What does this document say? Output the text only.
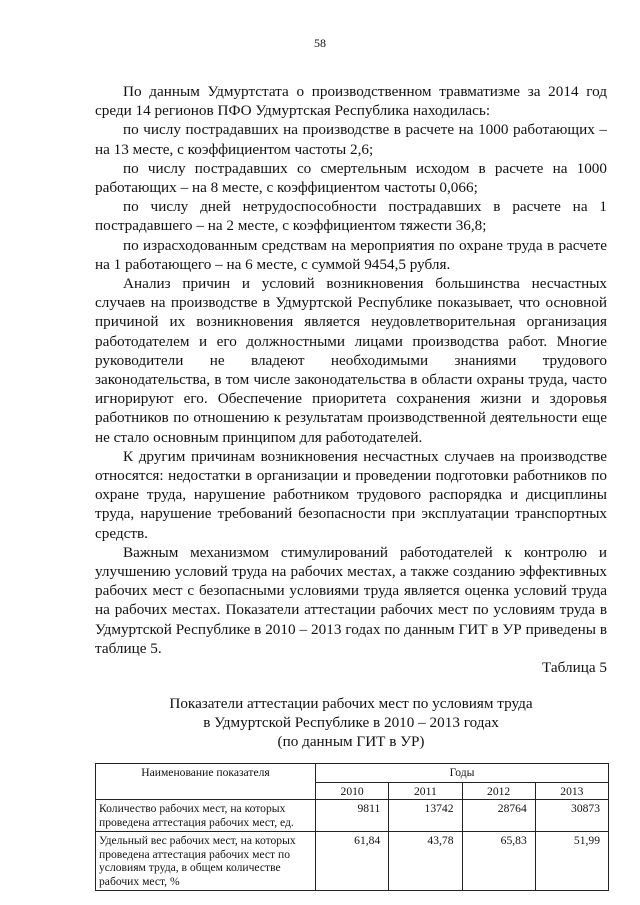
58

По данным Удмуртстата о производственном травматизме за 2014 год среди 14 регионов ПФО Удмуртская Республика находилась:

по числу пострадавших на производстве в расчете на 1000 работающих – на 13 месте, с коэффициентом частоты 2,6;

по числу пострадавших со смертельным исходом в расчете на 1000 работающих – на 8 месте, с коэффициентом частоты 0,066;

по числу дней нетрудоспособности пострадавших в расчете на 1 пострадавшего – на 2 месте, с коэффициентом тяжести 36,8;

по израсходованным средствам на мероприятия по охране труда в расчете на 1 работающего – на 6 месте, с суммой 9454,5 рубля.

Анализ причин и условий возникновения большинства несчастных случаев на производстве в Удмуртской Республике показывает, что основной причиной их возникновения является неудовлетворительная организация работодателем и его должностными лицами производства работ. Многие руководители не владеют необходимыми знаниями трудового законодательства, в том числе законодательства в области охраны труда, часто игнорируют его. Обеспечение приоритета сохранения жизни и здоровья работников по отношению к результатам производственной деятельности еще не стало основным принципом для работодателей.

К другим причинам возникновения несчастных случаев на производстве относятся: недостатки в организации и проведении подготовки работников по охране труда, нарушение работником трудового распорядка и дисциплины труда, нарушение требований безопасности при эксплуатации транспортных средств.

Важным механизмом стимулирований работодателей к контролю и улучшению условий труда на рабочих местах, а также созданию эффективных рабочих мест с безопасными условиями труда является оценка условий труда на рабочих местах. Показатели аттестации рабочих мест по условиям труда в Удмуртской Республике в 2010 – 2013 годах по данным ГИТ в УР приведены в таблице 5.

Таблица 5
Показатели аттестации рабочих мест по условиям труда
в Удмуртской Республике в 2010 – 2013 годах
(по данным ГИТ в УР)
Наименование показателя	Годы			
	2010	2011	2012	2013
Количество рабочих мест, на которых проведена аттестация рабочих мест, ед.	9811	13742	28764	30873
Удельный вес рабочих мест, на которых проведена аттестация рабочих мест по условиям труда, в общем количестве рабочих мест, %	61,84	43,78	65,83	51,99
